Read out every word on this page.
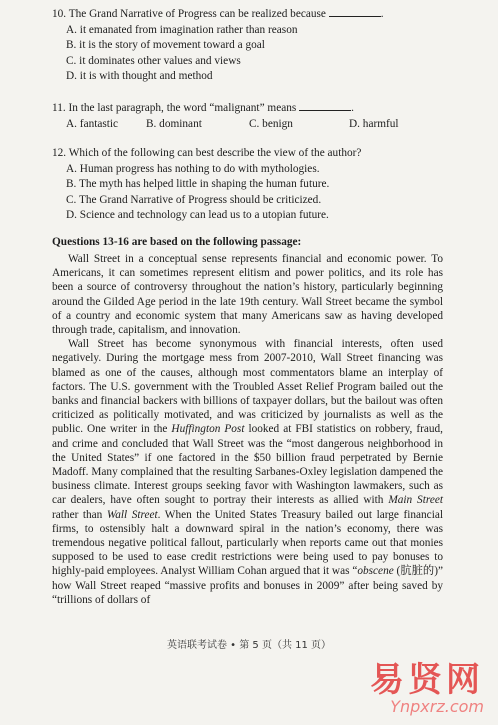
10. The Grand Narrative of Progress can be realized because	.
A. it emanated from imagination rather than reason
B. it is the story of movement toward a goal
C. it dominates other values and views
D. it is with thought and method
11. In the last paragraph, the word “malignant” means	.
A. fantastic	B. dominant	C. benign	D. harmful
12. Which of the following can best describe the view of the author?
A. Human progress has nothing to do with mythologies.
B. The myth has helped little in shaping the human future.
C. The Grand Narrative of Progress should be criticized.
D. Science and technology can lead us to a utopian future.
Questions 13-16 are based on the following passage:

Wall Street in a conceptual sense represents financial and economic power. To Americans, it can sometimes represent elitism and power politics, and its role has been a source of controversy throughout the nation’s history, particularly beginning around the Gilded Age period in the late 19th century. Wall Street became the symbol of a country and economic system that many Americans saw as having developed through trade, capitalism, and innovation.

Wall Street has become synonymous with financial interests, often used negatively. During the mortgage mess from 2007-2010, Wall Street financing was blamed as one of the causes, although most commentators blame an interplay of factors. The U.S. government with the Troubled Asset Relief Program bailed out the banks and financial backers with billions of taxpayer dollars, but the bailout was often criticized as politically motivated, and was criticized by journalists as well as the public. One writer in the Huffington Post looked at FBI statistics on robbery, fraud, and crime and concluded that Wall Street was the “most dangerous neighborhood in the United States” if one factored in the $50 billion fraud perpetrated by Bernie Madoff. Many complained that the resulting Sarbanes-Oxley legislation dampened the business climate. Interest groups seeking favor with Washington lawmakers, such as car dealers, have often sought to portray their interests as allied with Main Street rather than Wall Street. When the United States Treasury bailed out large financial firms, to ostensibly halt a downward spiral in the nation’s economy, there was tremendous negative political fallout, particularly when reports came out that monies supposed to be used to ease credit restrictions were being used to pay bonuses to highly-paid employees. Analyst William Cohan argued that it was “obscene (肮脏的)” how Wall Street reaped “massive profits and bonuses in 2009” after being saved by “trillions of dollars of

英语联考试卷 • 第 5 页（共 11 页）
易贤网
Ynpxrz.com
